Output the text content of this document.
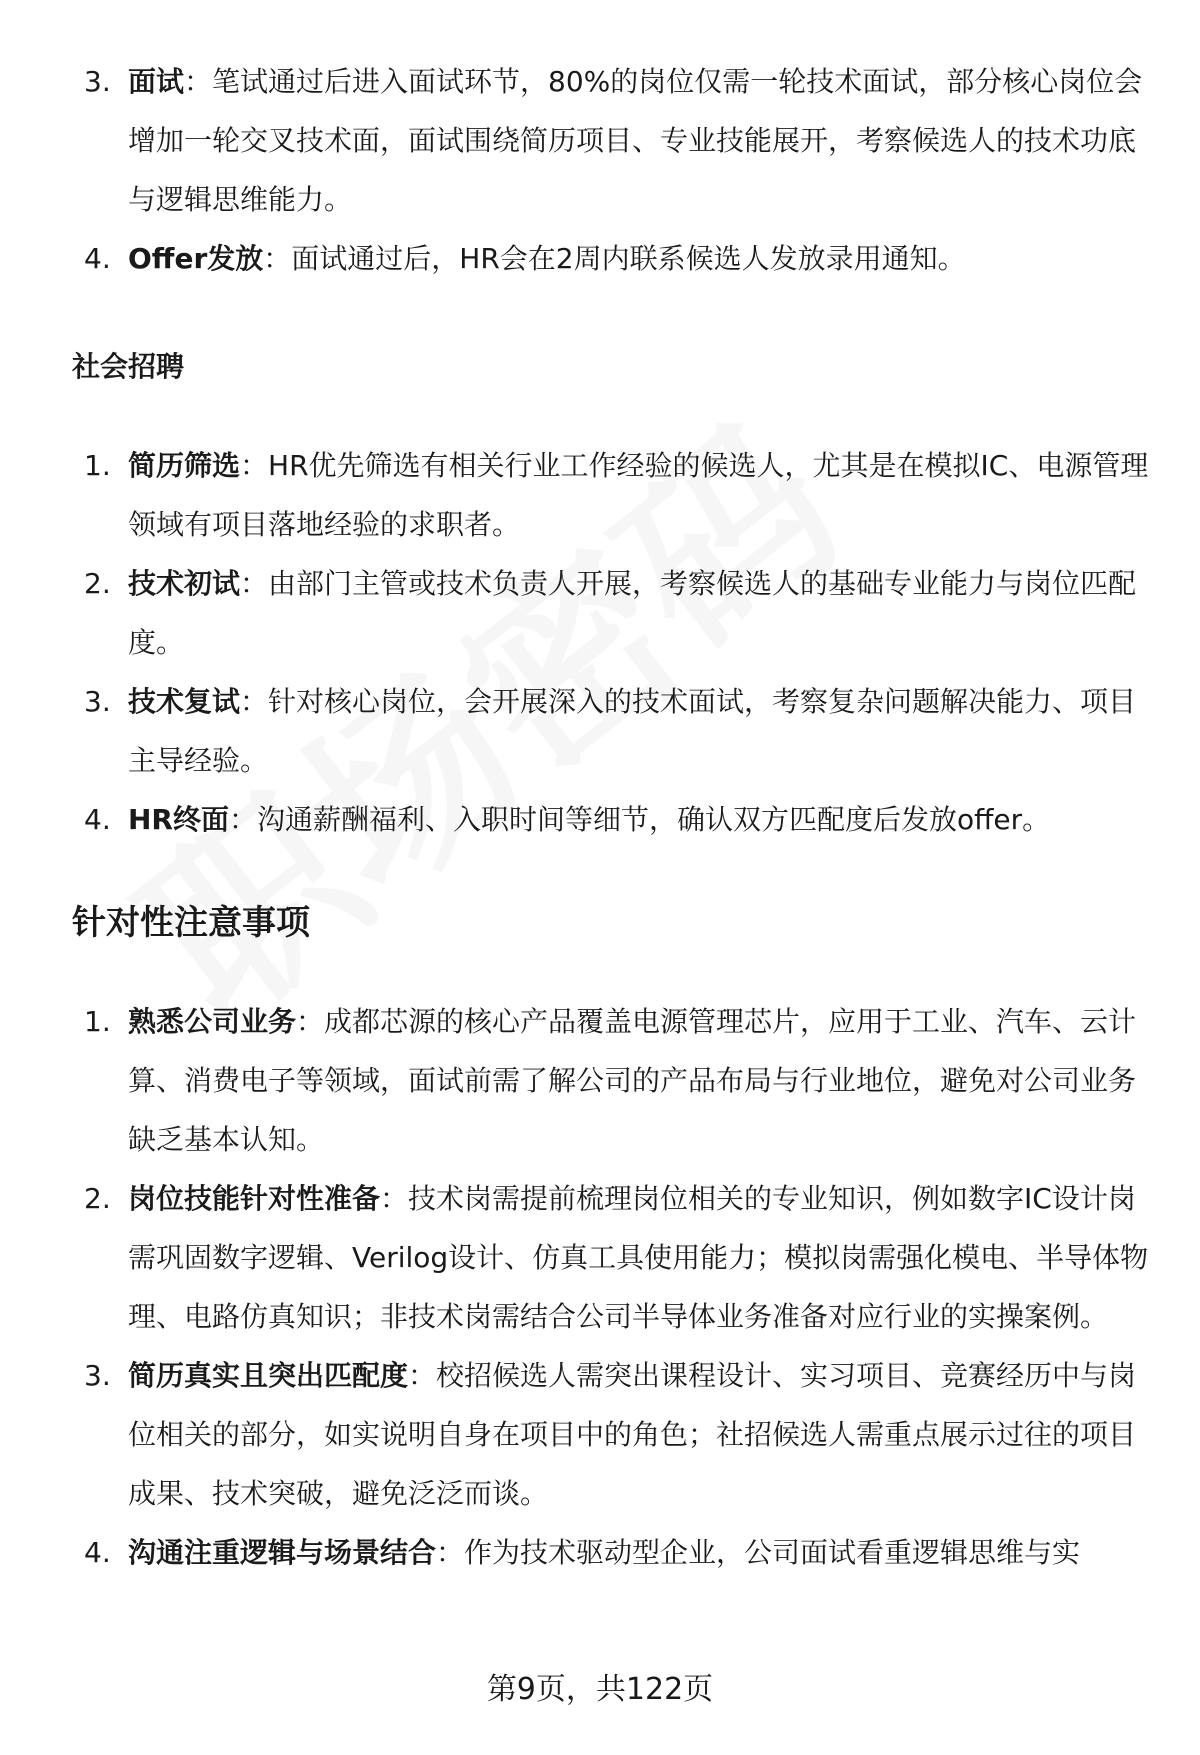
3. 面试：笔试通过后进入面试环节，80%的岗位仅需一轮技术面试，部分核心岗位会增加一轮交叉技术面，面试围绕简历项目、专业技能展开，考察候选人的技术功底与逻辑思维能力。
4. Offer发放：面试通过后，HR会在2周内联系候选人发放录用通知。
社会招聘
1. 简历筛选：HR优先筛选有相关行业工作经验的候选人，尤其是在模拟IC、电源管理领域有项目落地经验的求职者。
2. 技术初试：由部门主管或技术负责人开展，考察候选人的基础专业能力与岗位匹配度。
3. 技术复试：针对核心岗位，会开展深入的技术面试，考察复杂问题解决能力、项目主导经验。
4. HR终面：沟通薪酬福利、入职时间等细节，确认双方匹配度后发放offer。
针对性注意事项
1. 熟悉公司业务：成都芯源的核心产品覆盖电源管理芯片，应用于工业、汽车、云计算、消费电子等领域，面试前需了解公司的产品布局与行业地位，避免对公司业务缺乏基本认知。
2. 岗位技能针对性准备：技术岗需提前梳理岗位相关的专业知识，例如数字IC设计岗需巩固数字逻辑、Verilog设计、仿真工具使用能力；模拟岗需强化模电、半导体物理、电路仿真知识；非技术岗需结合公司半导体业务准备对应行业的实操案例。
3. 简历真实且突出匹配度：校招候选人需突出课程设计、实习项目、竞赛经历中与岗位相关的部分，如实说明自身在项目中的角色；社招候选人需重点展示过往的项目成果、技术突破，避免泛泛而谈。
4. 沟通注重逻辑与场景结合：作为技术驱动型企业，公司面试看重逻辑思维与实
第9页，共122页
